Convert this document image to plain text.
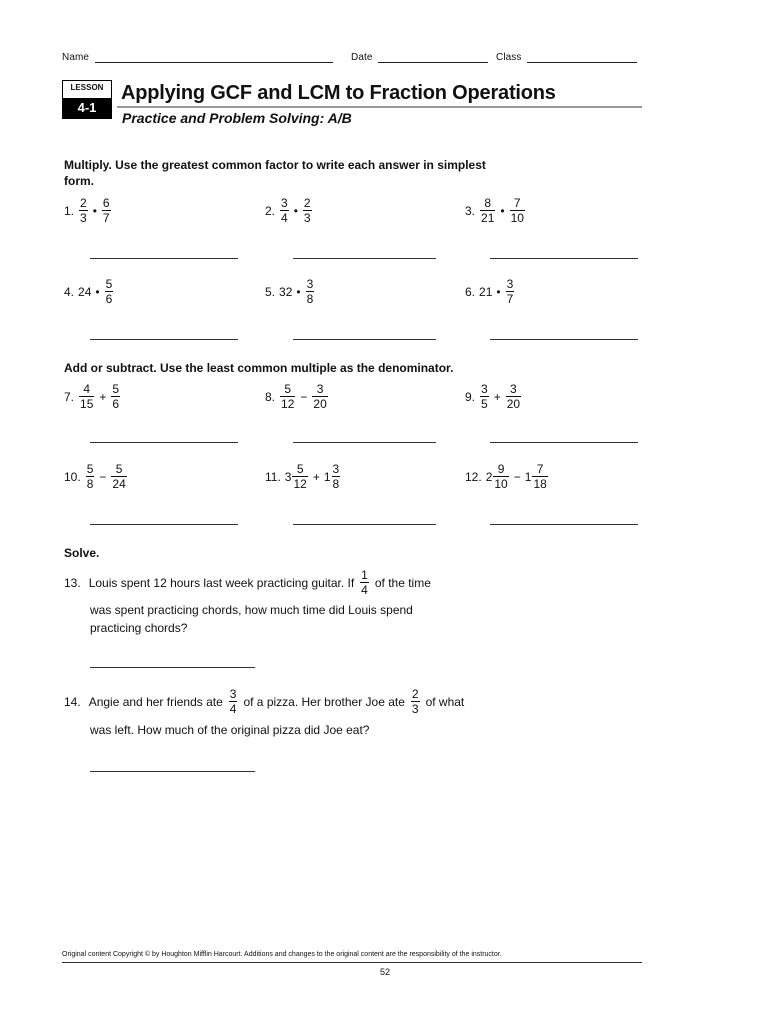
Name	Date	Class
LESSON
4-1
Applying GCF and LCM to Fraction Operations
Practice and Problem Solving: A/B
Multiply. Use the greatest common factor to write each answer in simplest form.
1. $\frac{2}{3}$ • $\frac{6}{7}$	2. $\frac{3}{4}$ • $\frac{2}{3}$	3. $\frac{8}{21}$ • $\frac{7}{10}$
4. 24 • $\frac{5}{6}$	5. 32 • $\frac{3}{8}$	6. 21 • $\frac{3}{7}$
Add or subtract. Use the least common multiple as the denominator.
7. $\frac{4}{15} + \frac{5}{6}$	8. $\frac{5}{12} - \frac{3}{20}$	9. $\frac{3}{5} + \frac{3}{20}$
10. $\frac{5}{8} - \frac{5}{24}$	11. $3 \frac{5}{12} + 1 \frac{3}{8}$	12. $2 \frac{9}{10} - 1 \frac{7}{18}$
Solve.
13. Louis spent 12 hours last week practicing guitar. If $\frac{1}{4}$ of the time
was spent practicing chords, how much time did Louis spend
practicing chords?
14. Angie and her friends ate $\frac{3}{4}$ of a pizza. Her brother Joe ate $\frac{2}{3}$ of what
was left. How much of the original pizza did Joe eat?
Original content Copyright © by Houghton Mifflin Harcourt. Additions and changes to the original content are the responsibility of the instructor.
52
